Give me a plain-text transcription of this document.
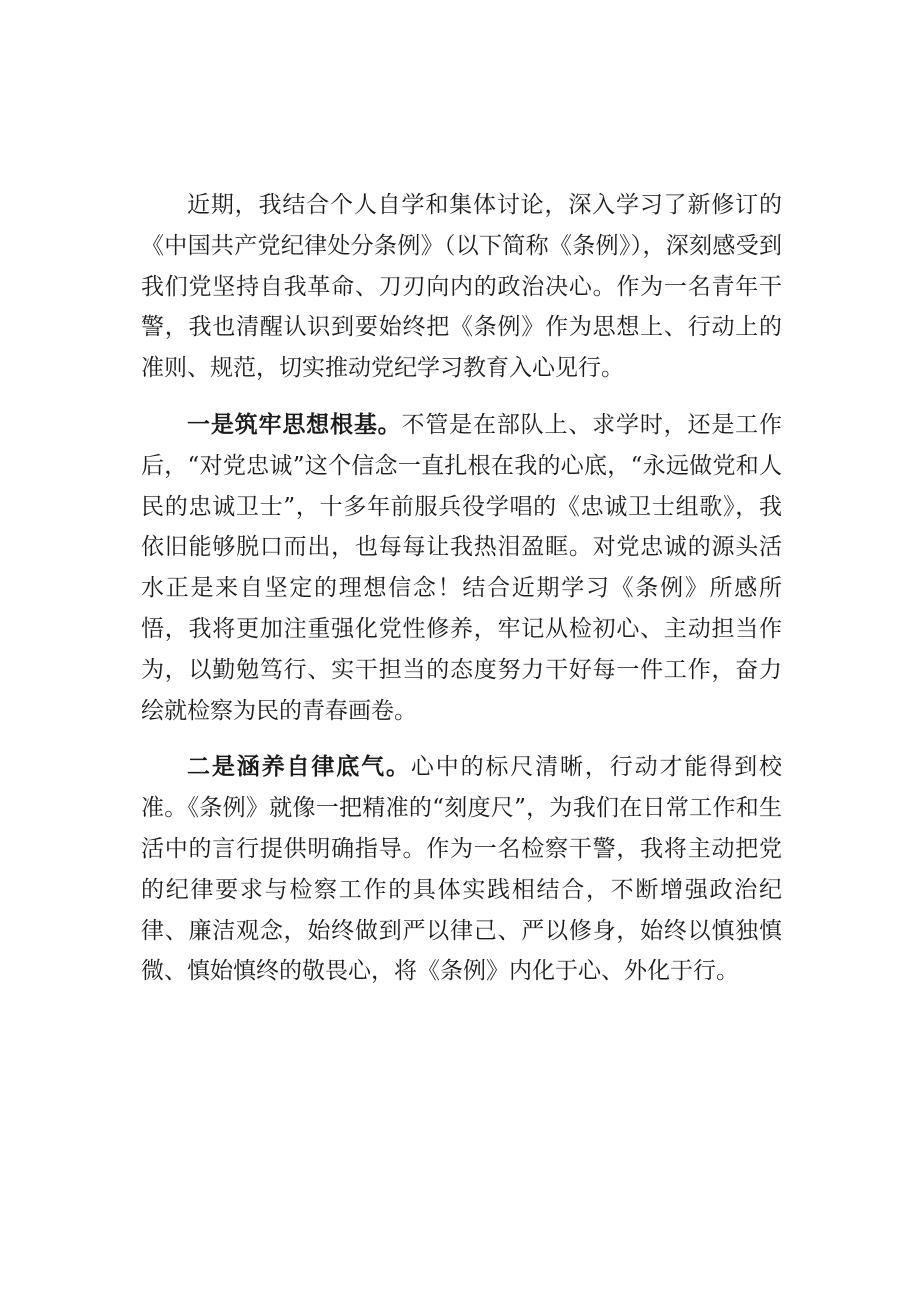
近期，我结合个人自学和集体讨论，深入学习了新修订的《中国共产党纪律处分条例》（以下简称《条例》），深刻感受到我们党坚持自我革命、刀刃向内的政治决心。作为一名青年干警，我也清醒认识到要始终把《条例》作为思想上、行动上的准则、规范，切实推动党纪学习教育入心见行。

一是筑牢思想根基。不管是在部队上、求学时，还是工作后，“对党忠诚”这个信念一直扎根在我的心底，“永远做党和人民的忠诚卫士”，十多年前服兵役学唱的《忠诚卫士组歌》，我依旧能够脱口而出，也每每让我热泪盈眶。对党忠诚的源头活水正是来自坚定的理想信念！结合近期学习《条例》所感所悟，我将更加注重强化党性修养，牢记从检初心、主动担当作为，以勤勉笃行、实干担当的态度努力干好每一件工作，奋力绘就检察为民的青春画卷。

二是涵养自律底气。心中的标尺清晰，行动才能得到校准。《条例》就像一把精准的“刻度尺”，为我们在日常工作和生活中的言行提供明确指导。作为一名检察干警，我将主动把党的纪律要求与检察工作的具体实践相结合，不断增强政治纪律、廉洁观念，始终做到严以律己、严以修身，始终以慎独慎微、慎始慎终的敬畏心，将《条例》内化于心、外化于行。
